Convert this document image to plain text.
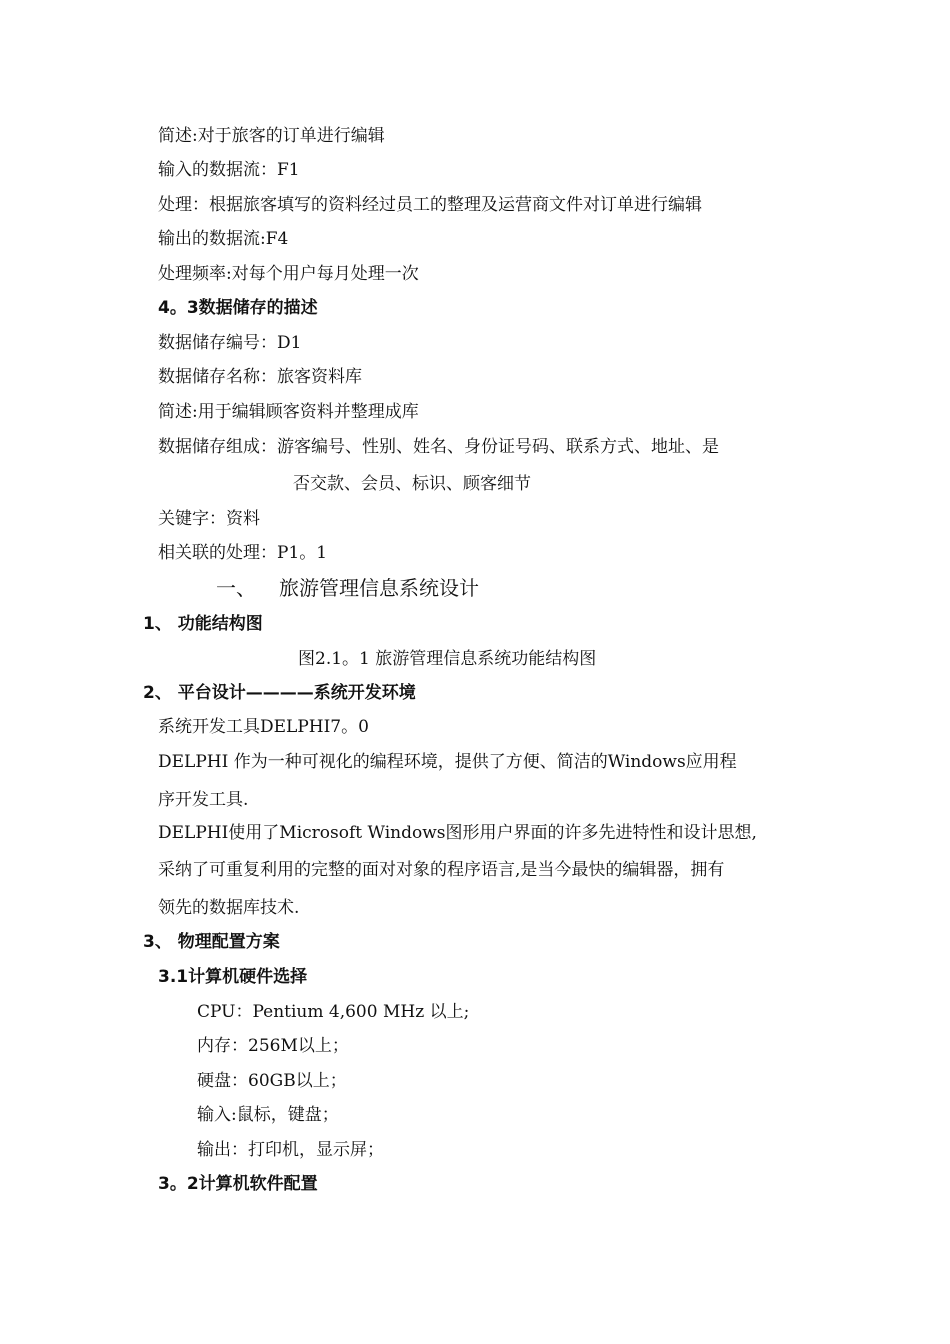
简述:对于旅客的订单进行编辑
输入的数据流：F1
处理：根据旅客填写的资料经过员工的整理及运营商文件对订单进行编辑
输出的数据流:F4
处理频率:对每个用户每月处理一次
4。3数据储存的描述
数据储存编号：D1
数据储存名称：旅客资料库
简述:用于编辑顾客资料并整理成库
数据储存组成：游客编号、性别、姓名、身份证号码、联系方式、地址、是
否交款、会员、标识、顾客细节
关键字：资料
相关联的处理：P1。1
一、 旅游管理信息系统设计
1、 功能结构图
图2.1。1 旅游管理信息系统功能结构图
2、 平台设计————系统开发环境
系统开发工具DELPHI7。0
DELPHI 作为一种可视化的编程环境，提供了方便、简洁的Windows应用程
序开发工具.
DELPHI使用了Microsoft Windows图形用户界面的许多先进特性和设计思想,
采纳了可重复利用的完整的面对对象的程序语言,是当今最快的编辑器，拥有
领先的数据库技术.
3、 物理配置方案
3.1计算机硬件选择
CPU：Pentium 4,600 MHz 以上;
内存：256M以上；
硬盘：60GB以上；
输入:鼠标，键盘；
输出：打印机，显示屏；
3。2计算机软件配置
